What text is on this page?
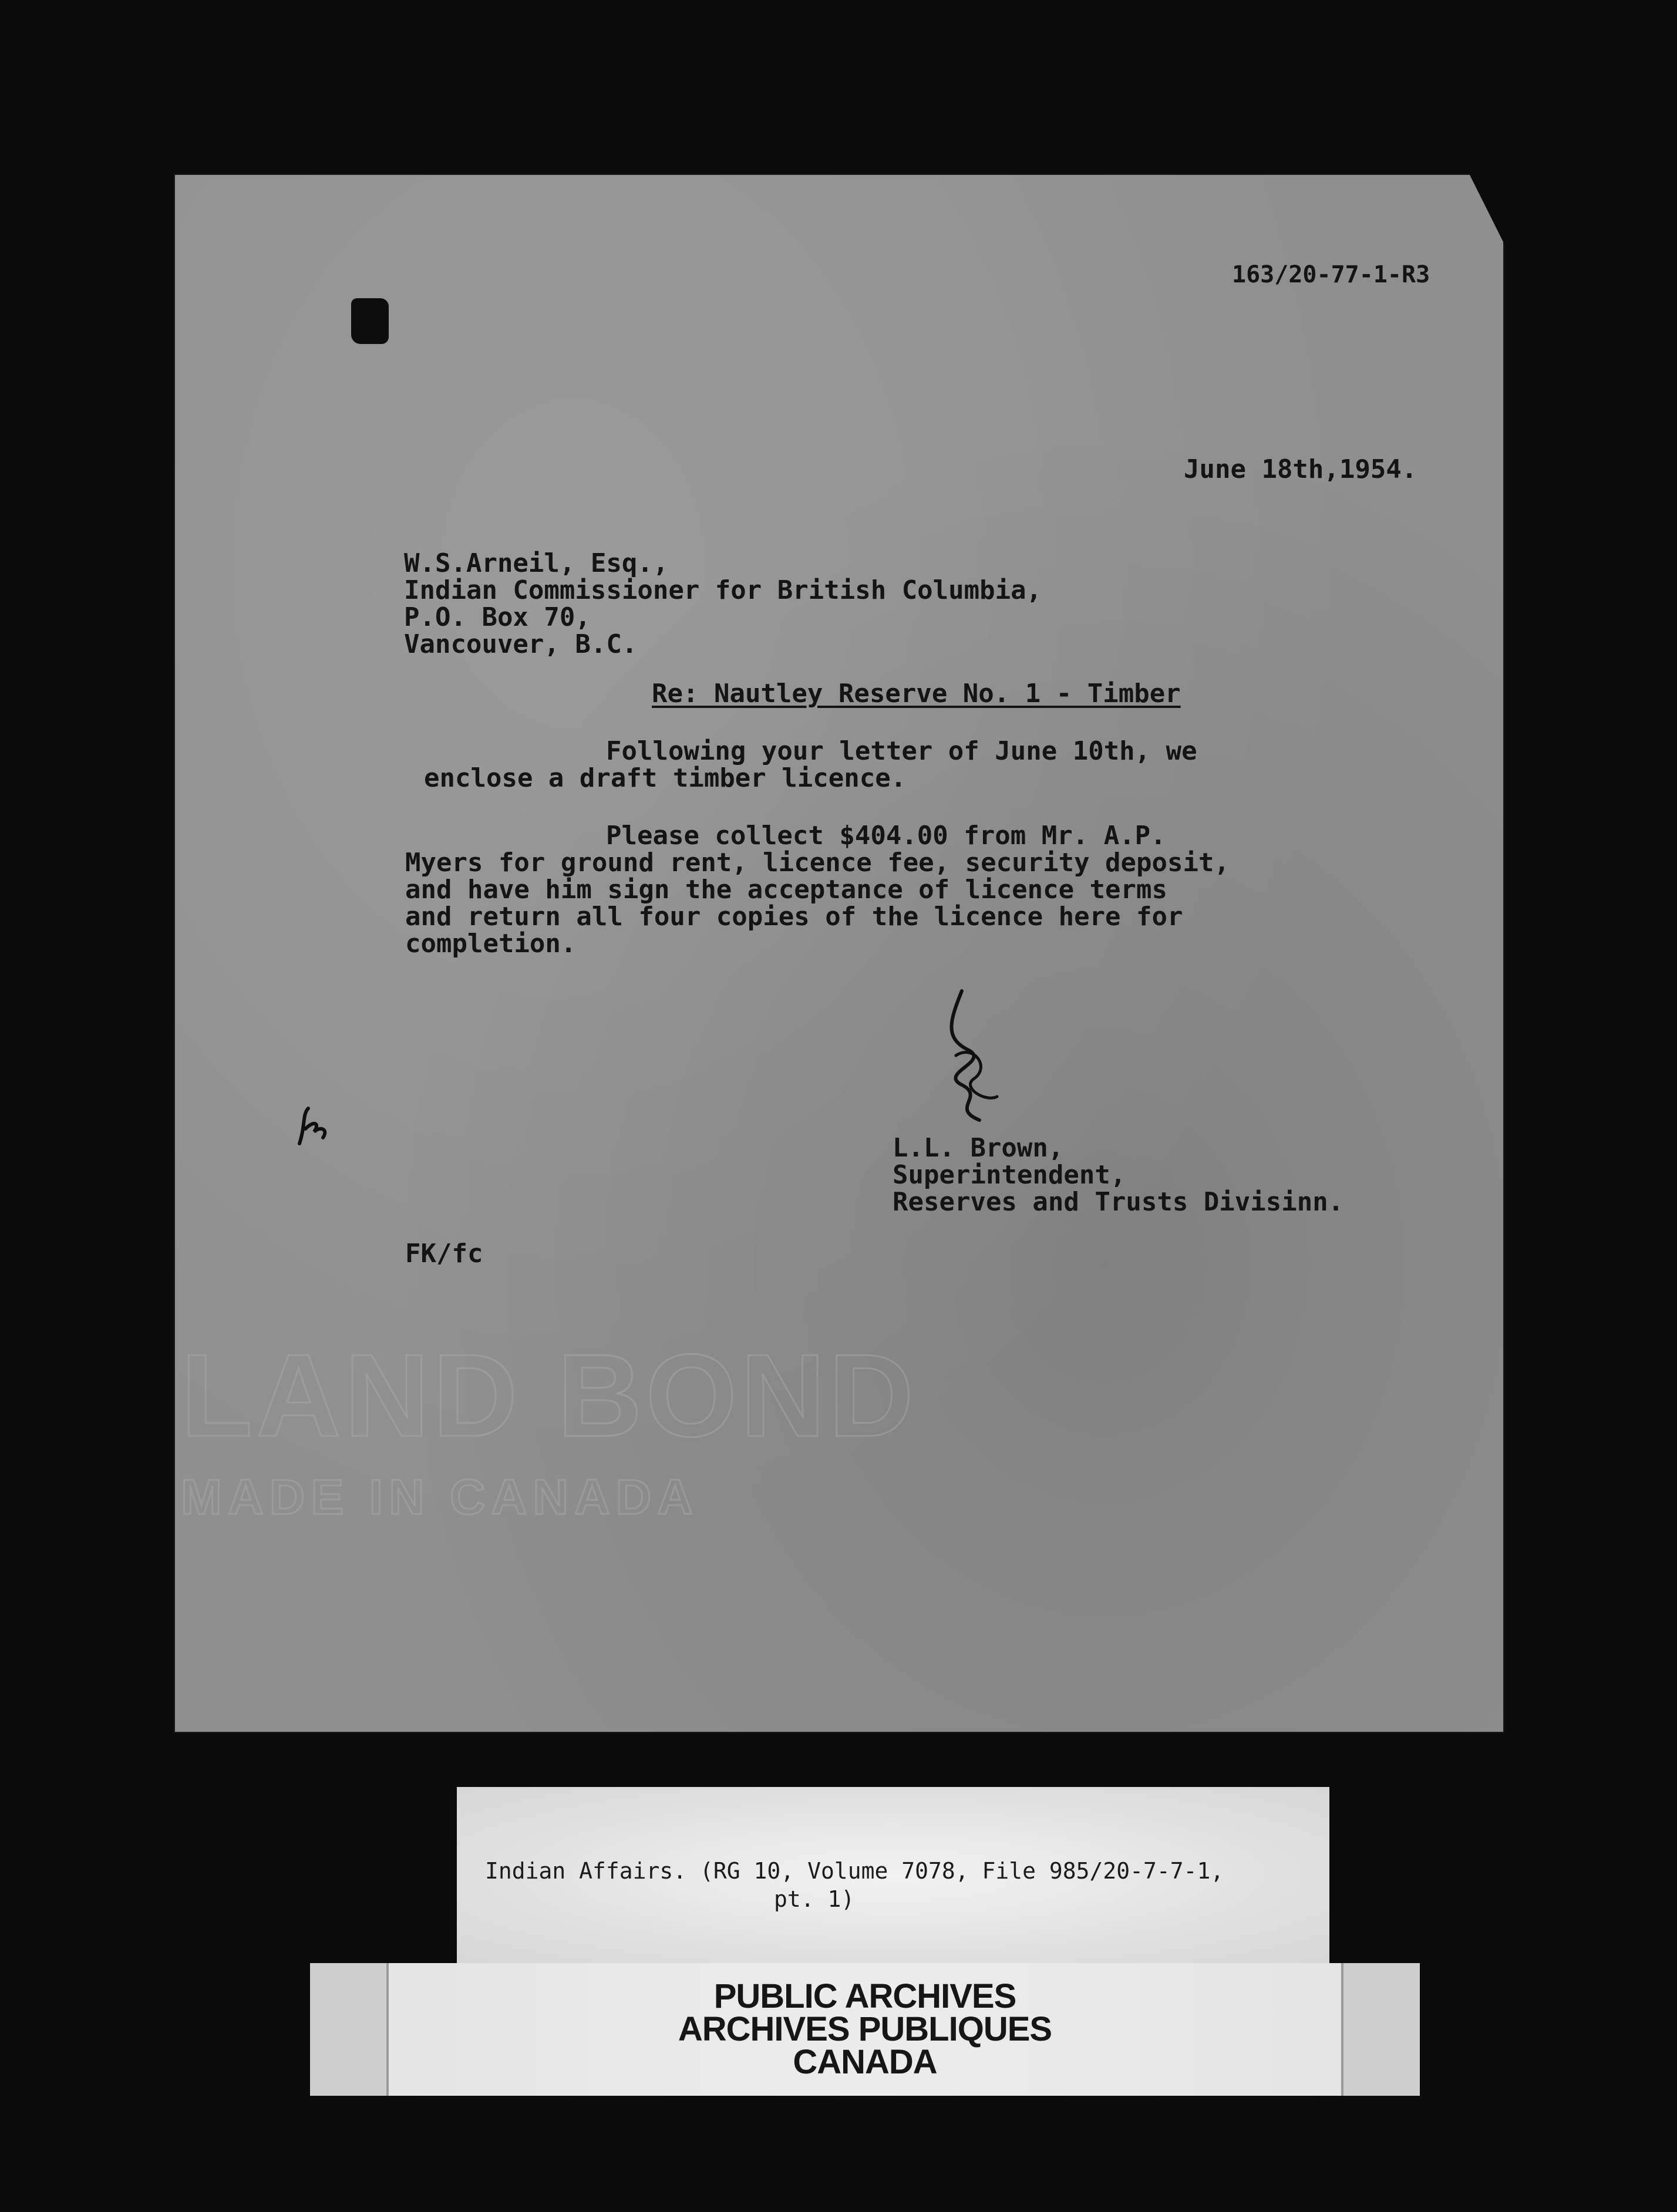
163/20-77-1-R3
June 18th,1954.
W.S.Arneil, Esq.,
Indian Commissioner for British Columbia,
P.O. Box 70,
Vancouver, B.C.
Re: Nautley Reserve No. 1 - Timber
Following your letter of June 10th, we
enclose a draft timber licence.
Please collect $404.00 from Mr. A.P.
Myers for ground rent, licence fee, security deposit,
and have him sign the acceptance of licence terms
and return all four copies of the licence here for
completion.
L.L. Brown,
Superintendent,
Reserves and Trusts Divisinn.
FK/fc
LAND BOND
MADE IN CANADA
Indian Affairs. (RG 10, Volume 7078, File 985/20-7-7-1,
pt. 1)
PUBLIC ARCHIVES
ARCHIVES PUBLIQUES
CANADA
